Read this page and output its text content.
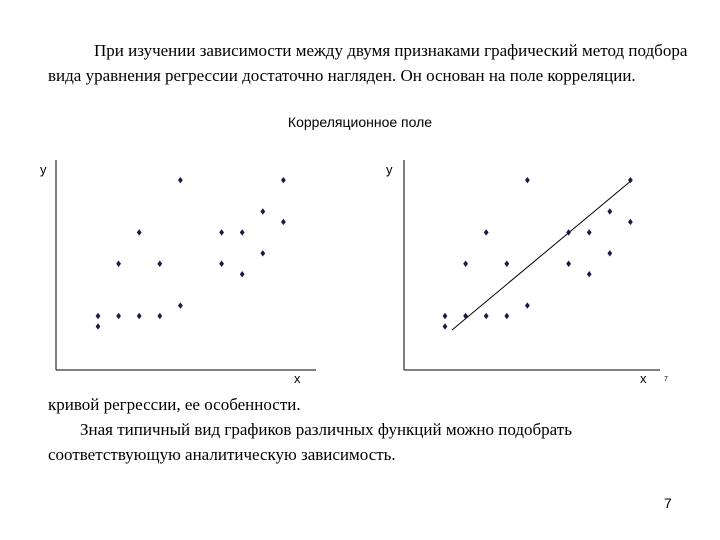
При изучении зависимости между двумя признаками графический метод подбора вида уравнения регрессии достаточно нагляден. Он основан на поле корреляции.

Корреляционное поле
y
x
y
x	7

кривой регрессии, ее особенности.
Зная типичный вид графиков различных функций можно подобрать соответствующую аналитическую зависимость.

7
